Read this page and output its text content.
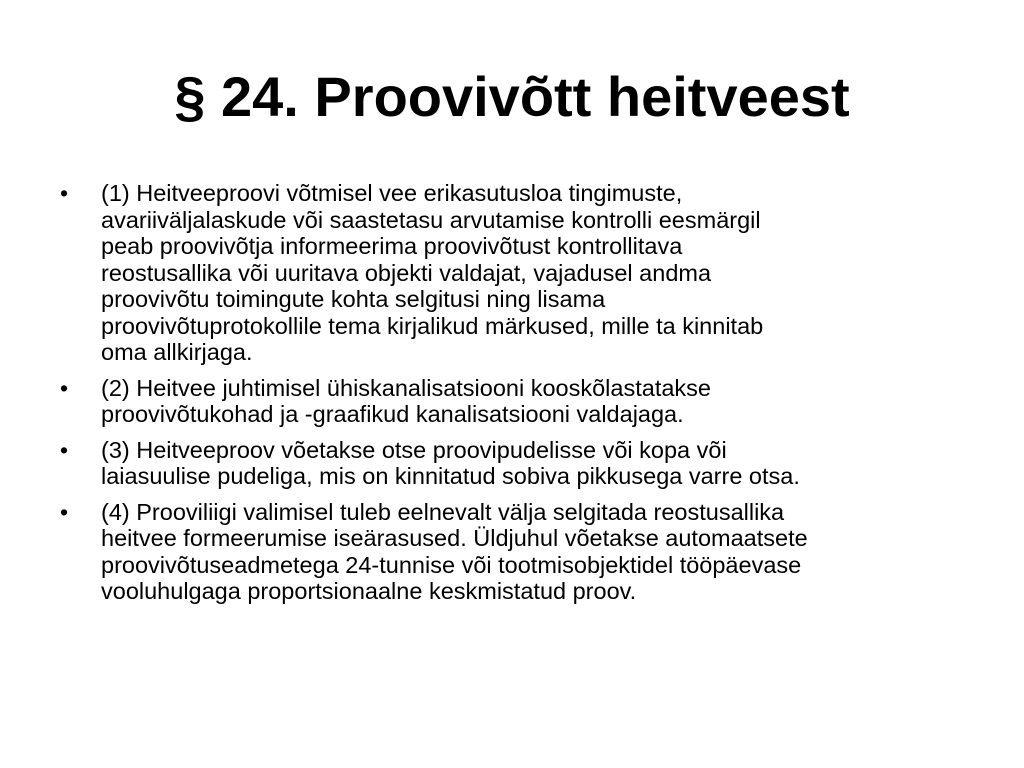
§ 24. Proovivõtt heitveest
• (1) Heitveeproovi võtmisel vee erikasutusloa tingimuste,
avariiväljalaskude või saastetasu arvutamise kontrolli eesmärgil
peab proovivõtja informeerima proovivõtust kontrollitava
reostusallika või uuritava objekti valdajat, vajadusel andma
proovivõtu toimingute kohta selgitusi ning lisama
proovivõtuprotokollile tema kirjalikud märkused, mille ta kinnitab
oma allkirjaga.
• (2) Heitvee juhtimisel ühiskanalisatsiooni kooskõlastatakse
proovivõtukohad ja -graafikud kanalisatsiooni valdajaga.
• (3) Heitveeproov võetakse otse proovipudelisse või kopa või
laiasuulise pudeliga, mis on kinnitatud sobiva pikkusega varre otsa.
• (4) Prooviliigi valimisel tuleb eelnevalt välja selgitada reostusallika
heitvee formeerumise iseärasused. Üldjuhul võetakse automaatsete
proovivõtuseadmetega 24-tunnise või tootmisobjektidel tööpäevase
vooluhulgaga proportsionaalne keskmistatud proov.
